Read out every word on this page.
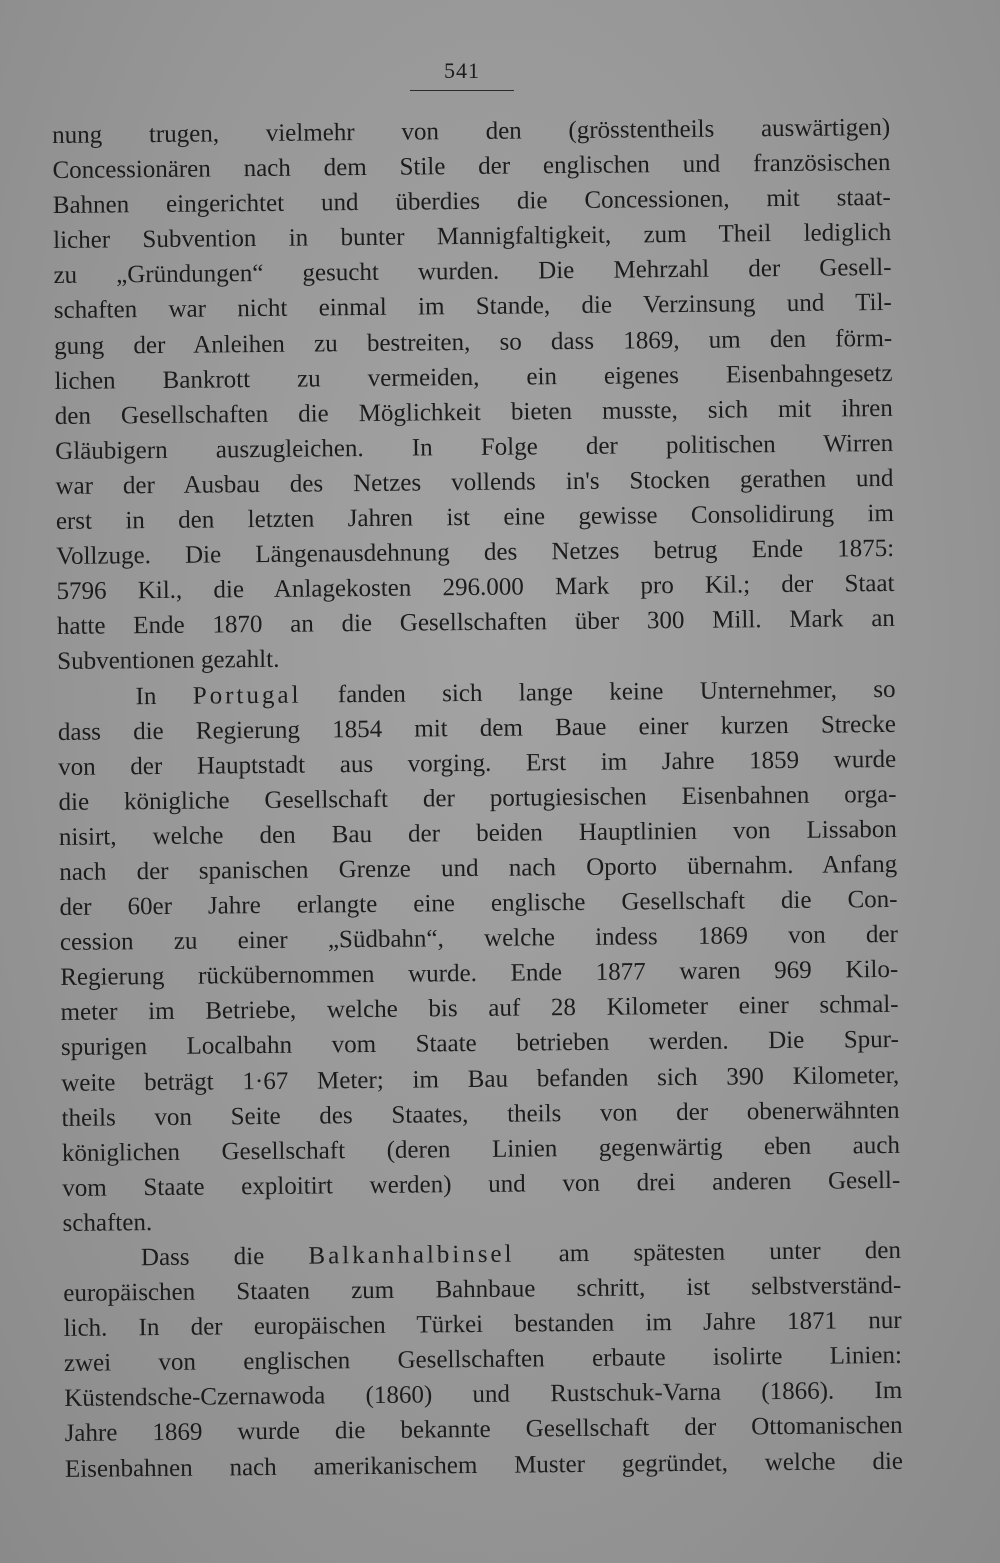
541
nung trugen, vielmehr von den (grösstentheils auswärtigen)
Concessionären nach dem Stile der englischen und französischen
Bahnen eingerichtet und überdies die Concessionen, mit staat-
licher Subvention in bunter Mannigfaltigkeit, zum Theil lediglich
zu „Gründungen“ gesucht wurden. Die Mehrzahl der Gesell-
schaften war nicht einmal im Stande, die Verzinsung und Til-
gung der Anleihen zu bestreiten, so dass 1869, um den förm-
lichen Bankrott zu vermeiden, ein eigenes Eisenbahngesetz
den Gesellschaften die Möglichkeit bieten musste, sich mit ihren
Gläubigern auszugleichen. In Folge der politischen Wirren
war der Ausbau des Netzes vollends in's Stocken gerathen und
erst in den letzten Jahren ist eine gewisse Consolidirung im
Vollzuge. Die Längenausdehnung des Netzes betrug Ende 1875:
5796 Kil., die Anlagekosten 296.000 Mark pro Kil.; der Staat
hatte Ende 1870 an die Gesellschaften über 300 Mill. Mark an
Subventionen gezahlt.
In Portugal fanden sich lange keine Unternehmer, so
dass die Regierung 1854 mit dem Baue einer kurzen Strecke
von der Hauptstadt aus vorging. Erst im Jahre 1859 wurde
die königliche Gesellschaft der portugiesischen Eisenbahnen orga-
nisirt, welche den Bau der beiden Hauptlinien von Lissabon
nach der spanischen Grenze und nach Oporto übernahm. Anfang
der 60er Jahre erlangte eine englische Gesellschaft die Con-
cession zu einer „Südbahn“, welche indess 1869 von der
Regierung rückübernommen wurde. Ende 1877 waren 969 Kilo-
meter im Betriebe, welche bis auf 28 Kilometer einer schmal-
spurigen Localbahn vom Staate betrieben werden. Die Spur-
weite beträgt 1·67 Meter; im Bau befanden sich 390 Kilometer,
theils von Seite des Staates, theils von der obenerwähnten
königlichen Gesellschaft (deren Linien gegenwärtig eben auch
vom Staate exploitirt werden) und von drei anderen Gesell-
schaften.
Dass die Balkanhalbinsel am spätesten unter den
europäischen Staaten zum Bahnbaue schritt, ist selbstverständ-
lich. In der europäischen Türkei bestanden im Jahre 1871 nur
zwei von englischen Gesellschaften erbaute isolirte Linien:
Küstendsche-Czernawoda (1860) und Rustschuk-Varna (1866). Im
Jahre 1869 wurde die bekannte Gesellschaft der Ottomanischen
Eisenbahnen nach amerikanischem Muster gegründet, welche die
